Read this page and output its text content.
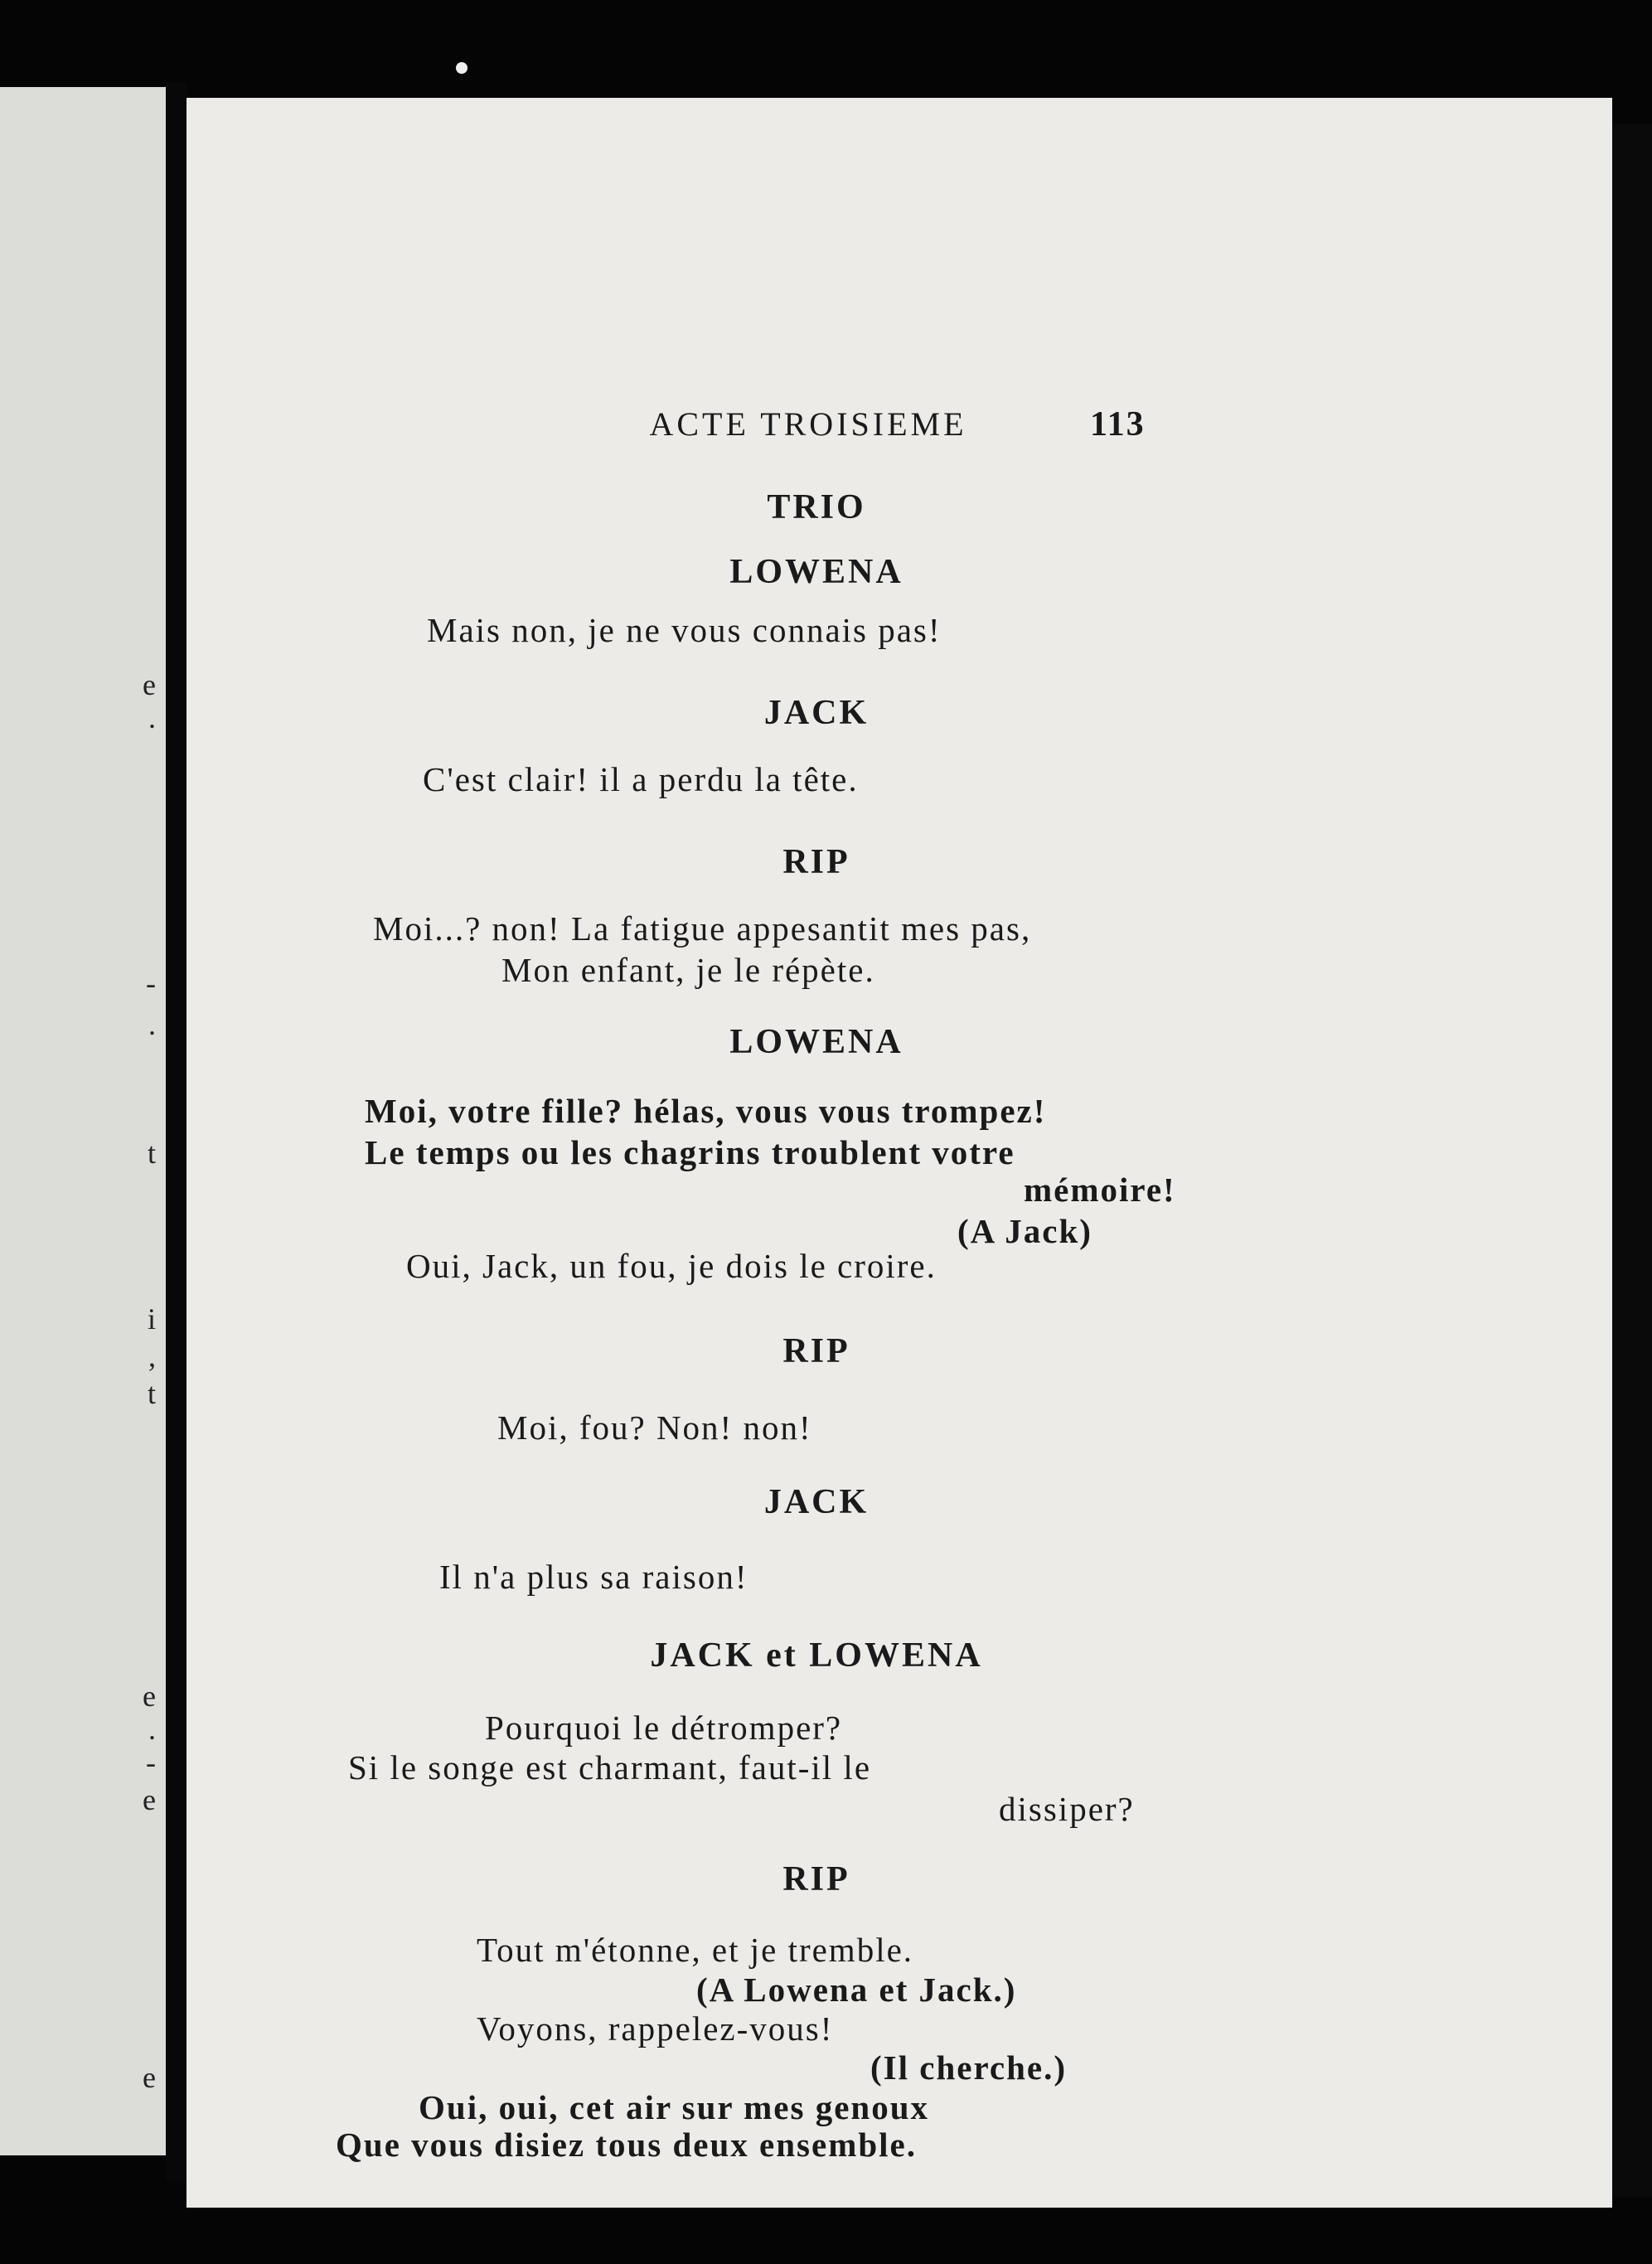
e
.
-
.
t
i
,
t
e
.
-
e
e
ACTE TROISIEME	113
TRIO
LOWENA
Mais non, je ne vous connais pas!
JACK
C'est clair! il a perdu la tête.
RIP
Moi...? non! La fatigue appesantit mes pas,
Mon enfant, je le répète.
LOWENA
Moi, votre fille? hélas, vous vous trompez!
Le temps ou les chagrins troublent votre
mémoire!
(A Jack)
Oui, Jack, un fou, je dois le croire.
RIP
Moi, fou? Non! non!
JACK
Il n'a plus sa raison!
JACK et LOWENA
Pourquoi le détromper?
Si le songe est charmant, faut-il le
dissiper?
RIP
Tout m'étonne, et je tremble.
(A Lowena et Jack.)
Voyons, rappelez-vous!
(Il cherche.)
Oui, oui, cet air sur mes genoux
Que vous disiez tous deux ensemble.
